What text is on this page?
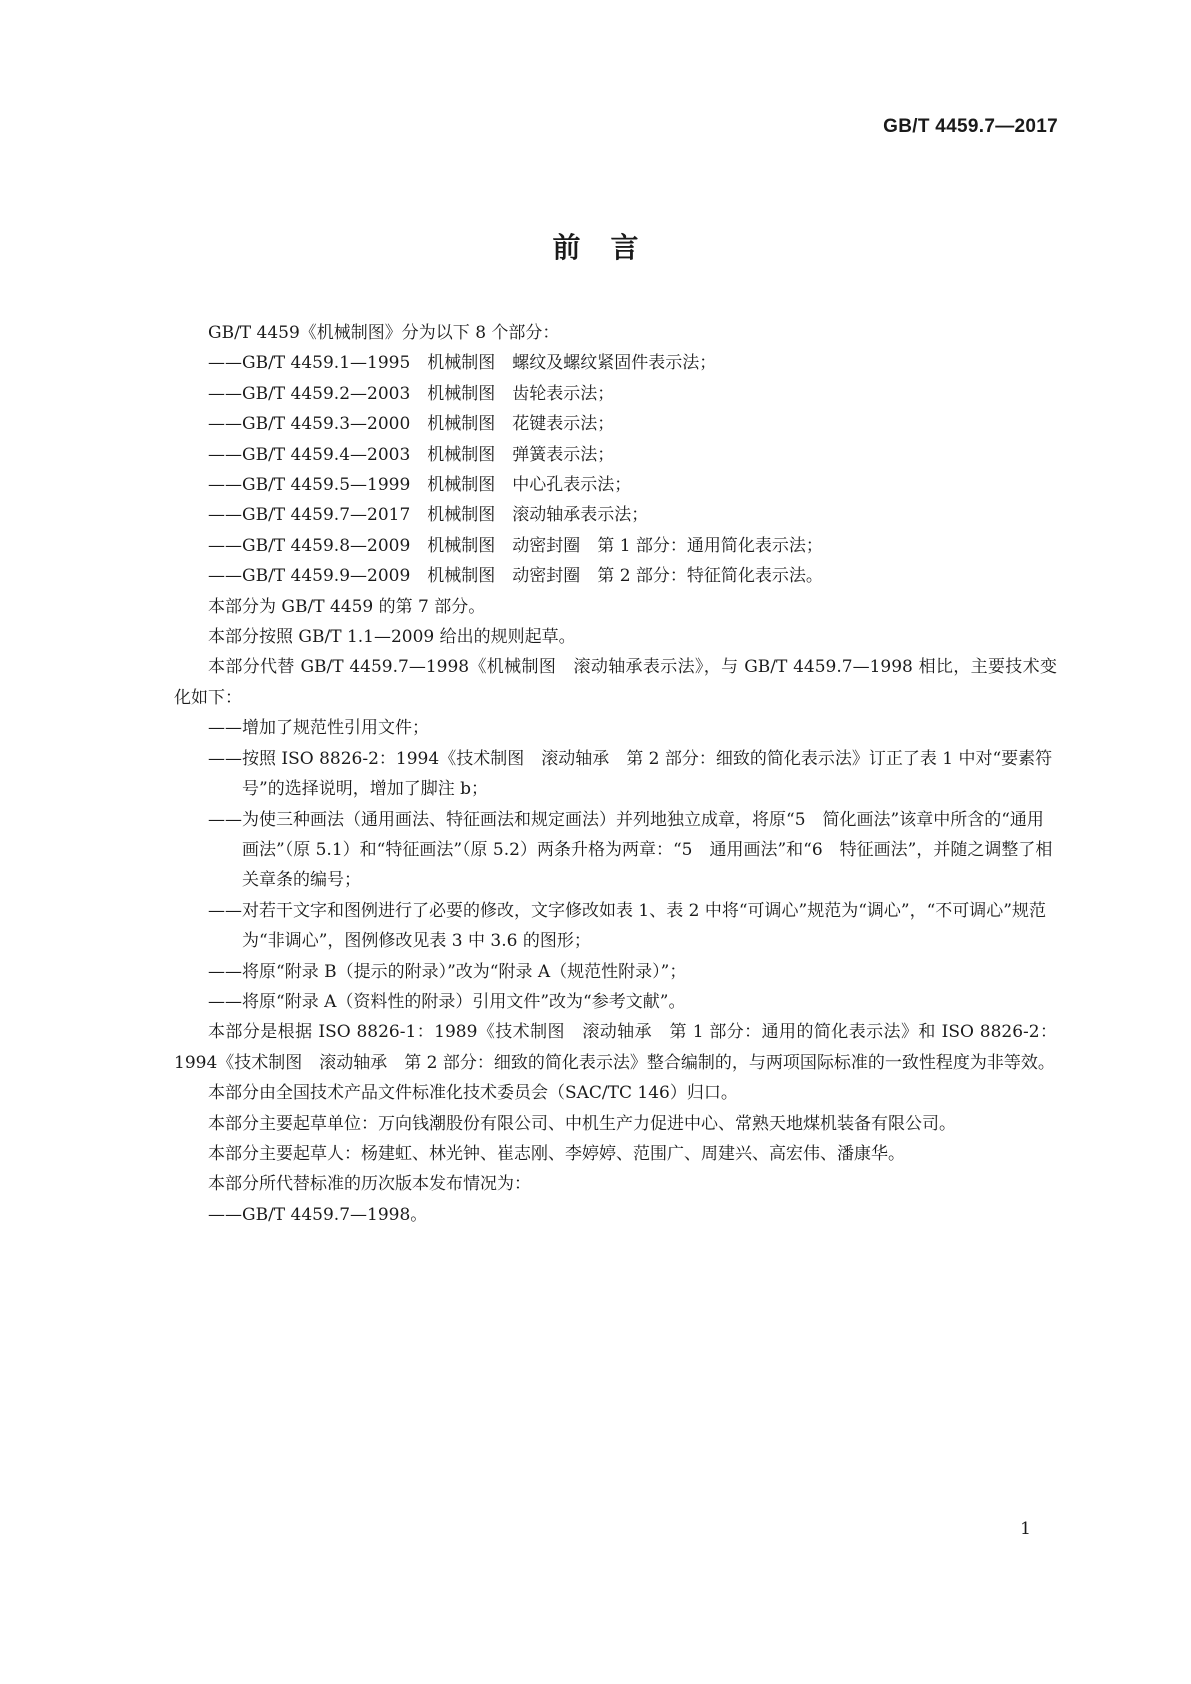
GB/T 4459.7—2017
前言

GB/T 4459《机械制图》分为以下 8 个部分：

——GB/T 4459.1—1995　机械制图　螺纹及螺纹紧固件表示法；

——GB/T 4459.2—2003　机械制图　齿轮表示法；

——GB/T 4459.3—2000　机械制图　花键表示法；

——GB/T 4459.4—2003　机械制图　弹簧表示法；

——GB/T 4459.5—1999　机械制图　中心孔表示法；

——GB/T 4459.7—2017　机械制图　滚动轴承表示法；

——GB/T 4459.8—2009　机械制图　动密封圈　第 1 部分：通用简化表示法；

——GB/T 4459.9—2009　机械制图　动密封圈　第 2 部分：特征简化表示法。

本部分为 GB/T 4459 的第 7 部分。

本部分按照 GB/T 1.1—2009 给出的规则起草。

本部分代替 GB/T 4459.7—1998《机械制图　滚动轴承表示法》，与 GB/T 4459.7—1998 相比，主要技术变化如下：

——增加了规范性引用文件；

——按照 ISO 8826-2：1994《技术制图　滚动轴承　第 2 部分：细致的简化表示法》订正了表 1 中对“要素符号”的选择说明，增加了脚注 b；

——为使三种画法（通用画法、特征画法和规定画法）并列地独立成章，将原“5　简化画法”该章中所含的“通用画法”（原 5.1）和“特征画法”（原 5.2）两条升格为两章：“5　通用画法”和“6　特征画法”，并随之调整了相关章条的编号；

——对若干文字和图例进行了必要的修改，文字修改如表 1、表 2 中将“可调心”规范为“调心”，“不可调心”规范为“非调心”，图例修改见表 3 中 3.6 的图形；

——将原“附录 B（提示的附录）”改为“附录 A（规范性附录）”；

——将原“附录 A（资料性的附录）引用文件”改为“参考文献”。

本部分是根据 ISO 8826-1：1989《技术制图　滚动轴承　第 1 部分：通用的简化表示法》和 ISO 8826-2：1994《技术制图　滚动轴承　第 2 部分：细致的简化表示法》整合编制的，与两项国际标准的一致性程度为非等效。

本部分由全国技术产品文件标准化技术委员会（SAC/TC 146）归口。

本部分主要起草单位：万向钱潮股份有限公司、中机生产力促进中心、常熟天地煤机装备有限公司。

本部分主要起草人：杨建虹、林光钟、崔志刚、李婷婷、范围广、周建兴、高宏伟、潘康华。

本部分所代替标准的历次版本发布情况为：

——GB/T 4459.7—1998。

1
